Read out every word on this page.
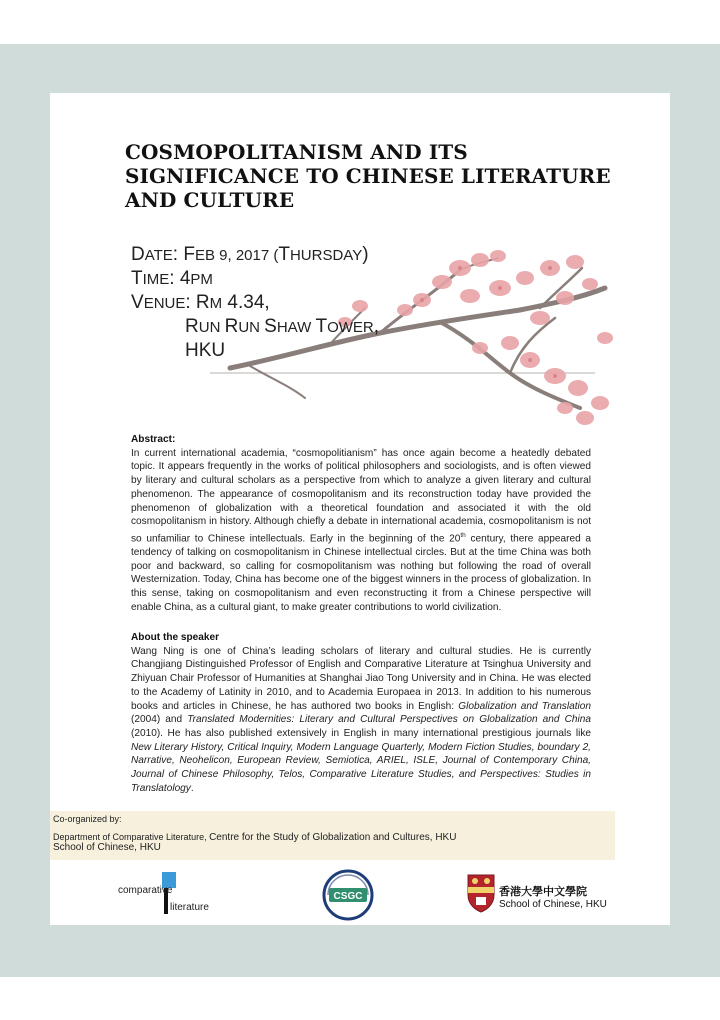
COSMOPOLITANISM AND ITS
SIGNIFICANCE TO CHINESE LITERATURE
AND CULTURE
DATE: FEB 9, 2017 (THURSDAY)
TIME: 4PM
VENUE: RM 4.34,
RUN RUN SHAW TOWER,
HKU
Abstract:

In current international academia, “cosmopolitianism” has once again become a heatedly debated topic. It appears frequently in the works of political philosophers and sociologists, and is often viewed by literary and cultural scholars as a perspective from which to analyze a given literary and cultural phenomenon. The appearance of cosmopolitanism and its reconstruction today have provided the phenomenon of globalization with a theoretical foundation and associated it with the old cosmopolitanism in history. Although chiefly a debate in international academia, cosmopolitanism is not so unfamiliar to Chinese intellectuals. Early in the beginning of the 20th century, there appeared a tendency of talking on cosmopolitanism in Chinese intellectual circles. But at the time China was both poor and backward, so calling for cosmopolitanism was nothing but following the road of overall Westernization. Today, China has become one of the biggest winners in the process of globalization. In this sense, taking on cosmopolitanism and even reconstructing it from a Chinese perspective will enable China, as a cultural giant, to make greater contributions to world civilization.

About the speaker

Wang Ning is one of China’s leading scholars of literary and cultural studies. He is currently Changjiang Distinguished Professor of English and Comparative Literature at Tsinghua University and Zhiyuan Chair Professor of Humanities at Shanghai Jiao Tong University and in China. He was elected to the Academy of Latinity in 2010, and to Academia Europaea in 2013. In addition to his numerous books and articles in Chinese, he has authored two books in English: Globalization and Translation (2004) and Translated Modernities: Literary and Cultural Perspectives on Globalization and China (2010). He has also published extensively in English in many international prestigious journals like New Literary History, Critical Inquiry, Modern Language Quarterly, Modern Fiction Studies, boundary 2, Narrative, Neohelicon, European Review, Semiotica, ARIEL, ISLE, Journal of Contemporary China, Journal of Chinese Philosophy, Telos, Comparative Literature Studies, and Perspectives: Studies in Translatology.

Co-organized by:
Department of Comparative Literature, Centre for the Study of Globalization and Cultures, HKU
School of Chinese, HKU
comparative
literature
CSGC	香港大學中文學院
School of Chinese, HKU
